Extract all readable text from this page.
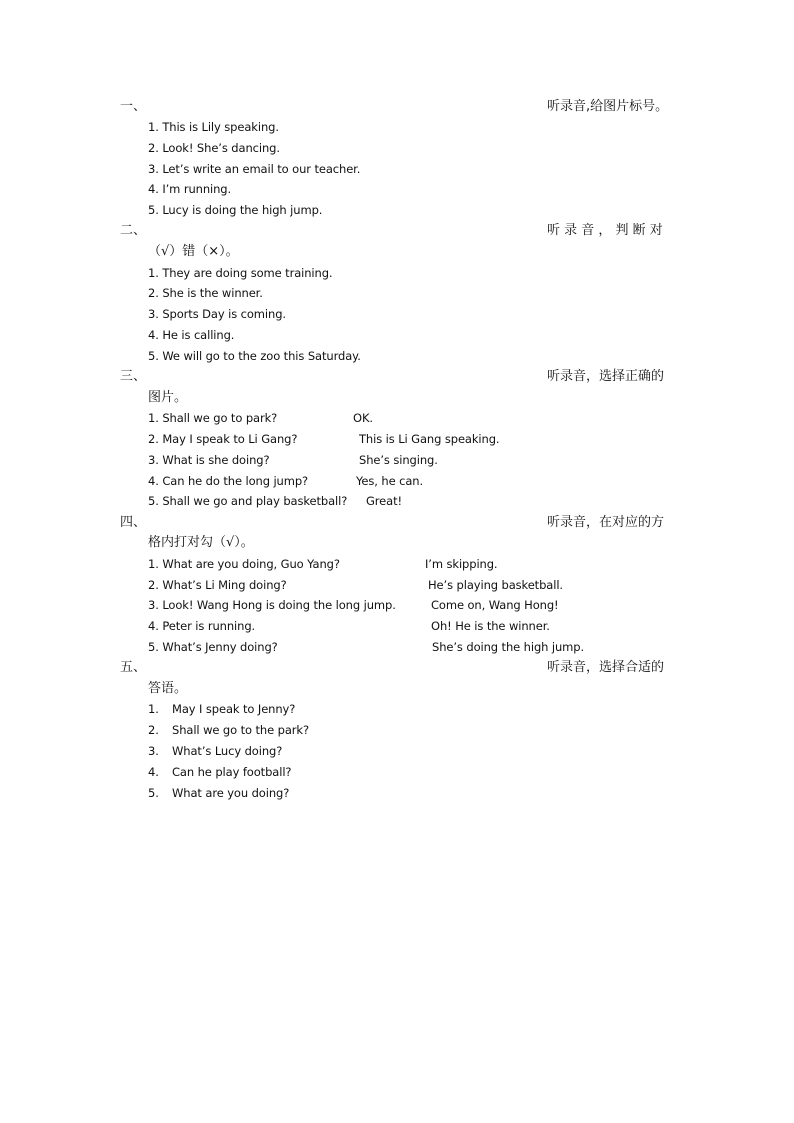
一、	听录音,给图片标号。
1. This is Lily speaking.
2. Look! She’s dancing.
3. Let’s write an email to our teacher.
4. I’m running.
5. Lucy is doing the high jump.
二、	听 录 音 ， 判 断 对
（√）错（×）。
1. They are doing some training.
2. She is the winner.
3. Sports Day is coming.
4. He is calling.
5. We will go to the zoo this Saturday.
三、	听录音，选择正确的
图片。
1. Shall we go to park?	OK.
2. May I speak to Li Gang?	This is Li Gang speaking.
3. What is she doing?	She’s singing.
4. Can he do the long jump?	Yes, he can.
5. Shall we go and play basketball? Great!
四、	听录音，在对应的方
格内打对勾（√）。
1. What are you doing, Guo Yang?	I’m skipping.
2. What’s Li Ming doing?	He’s playing basketball.
3. Look! Wang Hong is doing the long jump.	Come on, Wang Hong!
4. Peter is running.	Oh! He is the winner.
5. What’s Jenny doing?	She’s doing the high jump.
五、	听录音，选择合适的
答语。
1. May I speak to Jenny?
2. Shall we go to the park?
3. What’s Lucy doing?
4. Can he play football?
5. What are you doing?
